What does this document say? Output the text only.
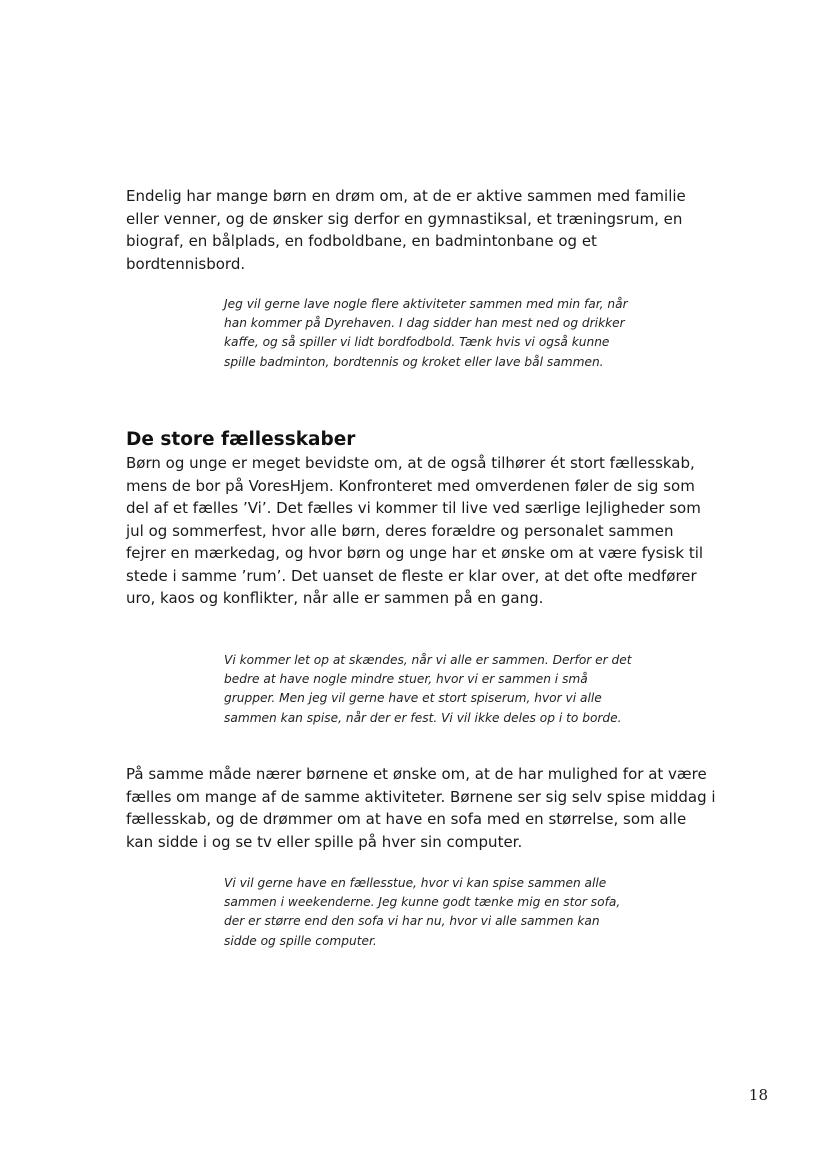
Endelig har mange børn en drøm om, at de er aktive sammen med familie eller venner, og de ønsker sig derfor en gymnastiksal, et træningsrum, en biograf, en bålplads, en fodboldbane, en badmintonbane og et bordtennisbord.

Jeg vil gerne lave nogle flere aktiviteter sammen med min far, når han kommer på Dyrehaven. I dag sidder han mest ned og drikker kaffe, og så spiller vi lidt bordfodbold. Tænk hvis vi også kunne spille badminton, bordtennis og kroket eller lave bål sammen.

De store fællesskaber

Børn og unge er meget bevidste om, at de også tilhører ét stort fællesskab, mens de bor på VoresHjem. Konfronteret med omverdenen føler de sig som del af et fælles ’Vi’. Det fælles vi kommer til live ved særlige lejligheder som jul og sommerfest, hvor alle børn, deres forældre og personalet sammen fejrer en mærkedag, og hvor børn og unge har et ønske om at være fysisk til stede i samme ’rum’. Det uanset de fleste er klar over, at det ofte medfører uro, kaos og konflikter, når alle er sammen på en gang.

Vi kommer let op at skændes, når vi alle er sammen. Derfor er det bedre at have nogle mindre stuer, hvor vi er sammen i små grupper. Men jeg vil gerne have et stort spiserum, hvor vi alle sammen kan spise, når der er fest. Vi vil ikke deles op i to borde.

På samme måde nærer børnene et ønske om, at de har mulighed for at være fælles om mange af de samme aktiviteter. Børnene ser sig selv spise middag i fællesskab, og de drømmer om at have en sofa med en størrelse, som alle kan sidde i og se tv eller spille på hver sin computer.

Vi vil gerne have en fællesstue, hvor vi kan spise sammen alle sammen i weekenderne. Jeg kunne godt tænke mig en stor sofa, der er større end den sofa vi har nu, hvor vi alle sammen kan sidde og spille computer.

18
